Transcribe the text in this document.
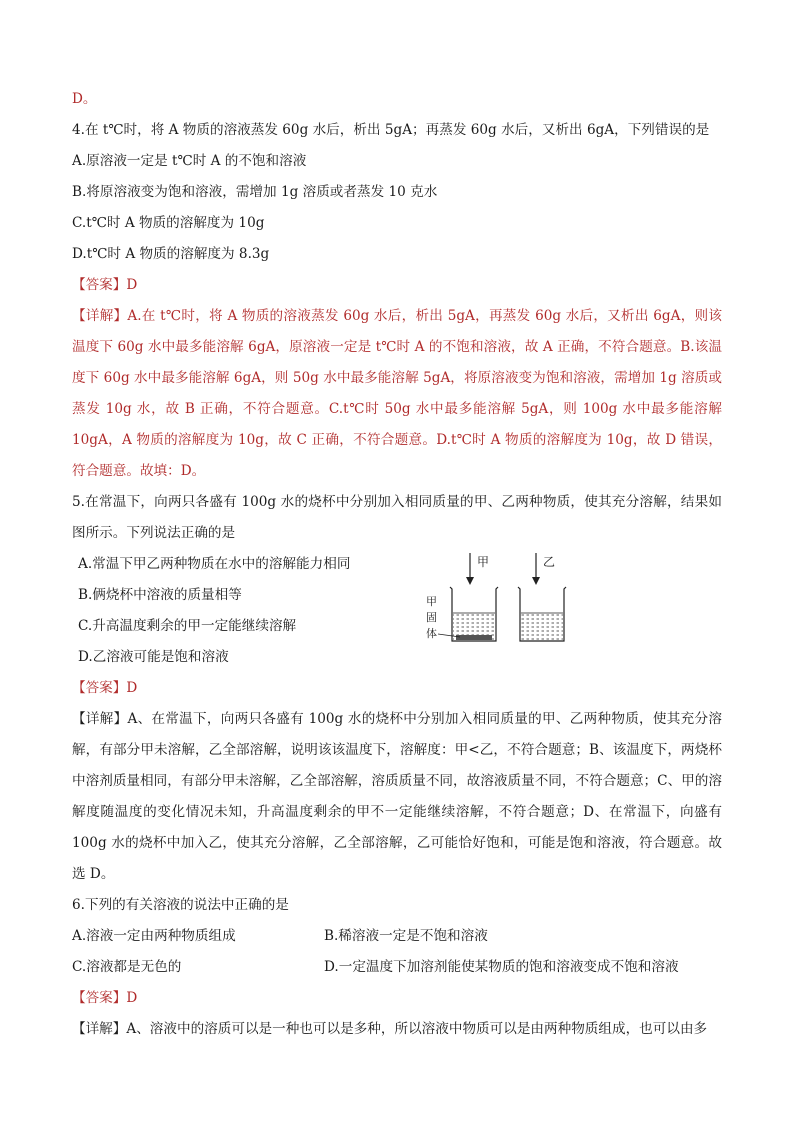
D。
4.在 t℃时，将 A 物质的溶液蒸发 60g 水后，析出 5gA；再蒸发 60g 水后，又析出 6gA，下列错误的是
A.原溶液一定是 t℃时 A 的不饱和溶液
B.将原溶液变为饱和溶液，需增加 1g 溶质或者蒸发 10 克水
C.t℃时 A 物质的溶解度为 10g
D.t℃时 A 物质的溶解度为 8.3g
【答案】D
【详解】A.在 t℃时，将 A 物质的溶液蒸发 60g 水后，析出 5gA，再蒸发 60g 水后，又析出 6gA，则该温度下 60g 水中最多能溶解 6gA，原溶液一定是 t℃时 A 的不饱和溶液，故 A 正确，不符合题意。B.该温度下 60g 水中最多能溶解 6gA，则 50g 水中最多能溶解 5gA，将原溶液变为饱和溶液，需增加 1g 溶质或蒸发 10g 水，故 B 正确，不符合题意。C.t℃时 50g 水中最多能溶解 5gA，则 100g 水中最多能溶解 10gA，A 物质的溶解度为 10g，故 C 正确，不符合题意。D.t℃时 A 物质的溶解度为 10g，故 D 错误，符合题意。故填：D。
5.在常温下，向两只各盛有 100g 水的烧杯中分别加入相同质量的甲、乙两种物质，使其充分溶解，结果如图所示。下列说法正确的是
A.常温下甲乙两种物质在水中的溶解能力相同
B.俩烧杯中溶液的质量相等
C.升高温度剩余的甲一定能继续溶解
D.乙溶液可能是饱和溶液
甲	乙
甲
固
体
【答案】D
【详解】A、在常温下，向两只各盛有 100g 水的烧杯中分别加入相同质量的甲、乙两种物质，使其充分溶解，有部分甲未溶解，乙全部溶解，说明该该温度下，溶解度：甲<乙，不符合题意；B、该温度下，两烧杯中溶剂质量相同，有部分甲未溶解，乙全部溶解，溶质质量不同，故溶液质量不同，不符合题意；C、甲的溶解度随温度的变化情况未知，升高温度剩余的甲不一定能继续溶解，不符合题意；D、在常温下，向盛有 100g 水的烧杯中加入乙，使其充分溶解，乙全部溶解，乙可能恰好饱和，可能是饱和溶液，符合题意。故选 D。
6.下列的有关溶液的说法中正确的是
A.溶液一定由两种物质组成	B.稀溶液一定是不饱和溶液
C.溶液都是无色的	D.一定温度下加溶剂能使某物质的饱和溶液变成不饱和溶液
【答案】D
【详解】A、溶液中的溶质可以是一种也可以是多种，所以溶液中物质可以是由两种物质组成，也可以由多
